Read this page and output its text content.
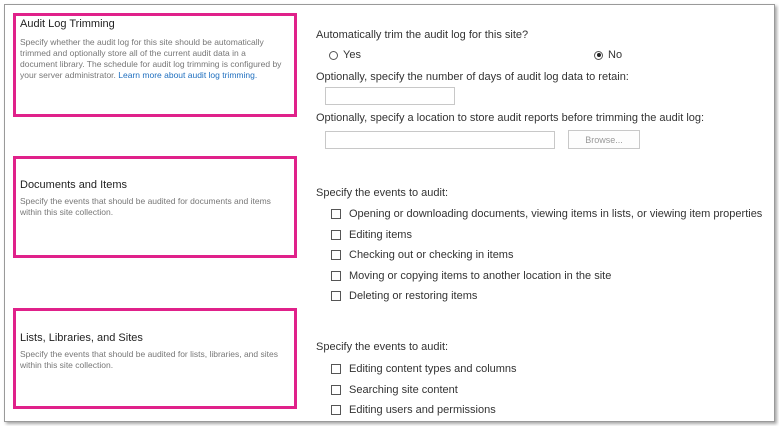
Audit Log Trimming
Specify whether the audit log for this site should be automatically trimmed and optionally store all of the current audit data in a document library. The schedule for audit log trimming is configured by your server administrator. Learn more about audit log trimming.
Automatically trim the audit log for this site?
Yes	No
Optionally, specify the number of days of audit log data to retain:
Optionally, specify a location to store audit reports before trimming the audit log:
Browse...
Documents and Items
Specify the events that should be audited for documents and items within this site collection.
Specify the events to audit:
Opening or downloading documents, viewing items in lists, or viewing item properties
Editing items
Checking out or checking in items
Moving or copying items to another location in the site
Deleting or restoring items
Lists, Libraries, and Sites
Specify the events that should be audited for lists, libraries, and sites within this site collection.
Specify the events to audit:
Editing content types and columns
Searching site content
Editing users and permissions
